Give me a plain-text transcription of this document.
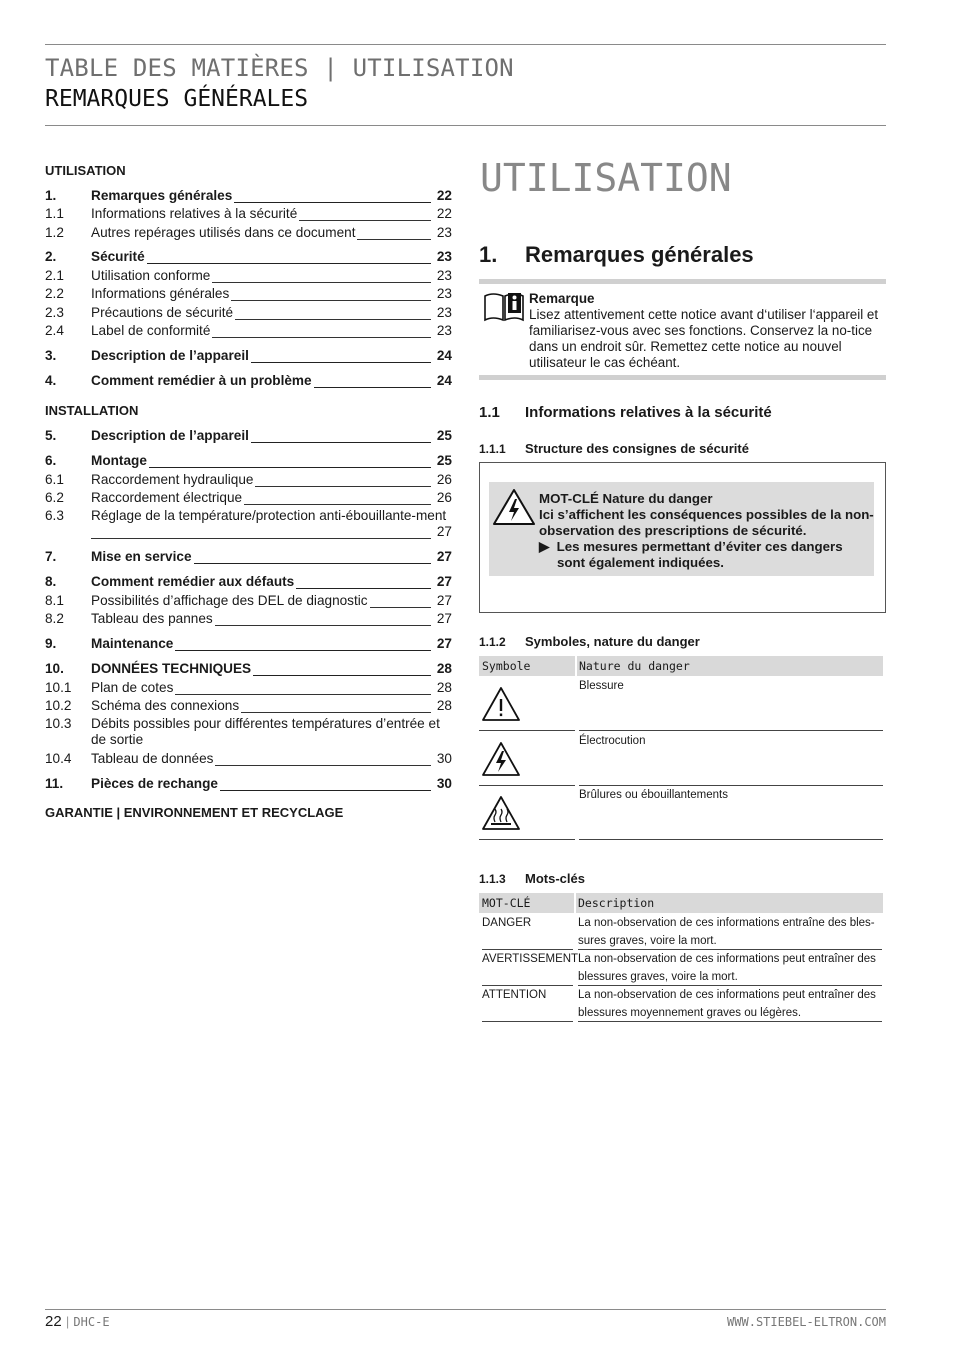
TABLE DES MATIÈRES | UTILISATION
REMARQUES GÉNÉRALES
UTILISATION
INSTALLATION
GARANTIE | ENVIRONNEMENT ET RECYCLAGE
1.	Remarques générales	22
1.1 Informations relatives à la sécurité	22
1.2 Autres repérages utilisés dans ce document	23
2.	Sécurité	23
2.1 Utilisation conforme	23
2.2 Informations générales	23
2.3 Précautions de sécurité	23
2.4 Label de conformité	23
3.	Description de l’appareil	24
4.	Comment remédier à un problème	24
5.	Description de l’appareil	25
6.	Montage	25
6.1 Raccordement hydraulique	26
6.2 Raccordement électrique	26
6.3 Réglage de la température/protection anti-ébouillante-ment
27
7.	Mise en service	27
8.	Comment remédier aux défauts	27
8.1 Possibilités d’affichage des DEL de diagnostic	27
8.2 Tableau des pannes	27
9.	Maintenance	27
10. DONNÉES TECHNIQUES	28
10.1 Plan de cotes	28
10.2 Schéma des connexions	28
10.3 Débits possibles pour différentes températures d’entrée et de sortie
10.4 Tableau de données	30
11. Pièces de rechange	30
UTILISATION
1. Remarques générales
Remarque
Lisez attentivement cette notice avant d‘utiliser l‘appareil et familiarisez-vous avec ses fonctions. Conservez la no-tice dans un endroit sûr. Remettez cette notice au nouvel utilisateur le cas échéant.
1.1 Informations relatives à la sécurité
1.1.1 Structure des consignes de sécurité
MOT-CLÉ Nature du danger
Ici s’affichent les conséquences possibles de la non-observation des prescriptions de sécurité.
▶  Les mesures permettant d’éviter ces dangers sont également indiquées.
1.1.2 Symboles, nature du danger
Symbole	Nature du danger
Blessure
Électrocution
Brûlures ou ébouillantements
1.1.3 Mots-clés
MOT-CLÉ	Description
DANGER	La non-observation de ces informations entraîne des bles-sures graves, voire la mort.
AVERTISSEMENT La non-observation de ces informations peut entraîner des blessures graves, voire la mort.
ATTENTION	La non-observation de ces informations peut entraîner des blessures moyennement graves ou légères.
22 | DHC-E	WWW.STIEBEL-ELTRON.COM
